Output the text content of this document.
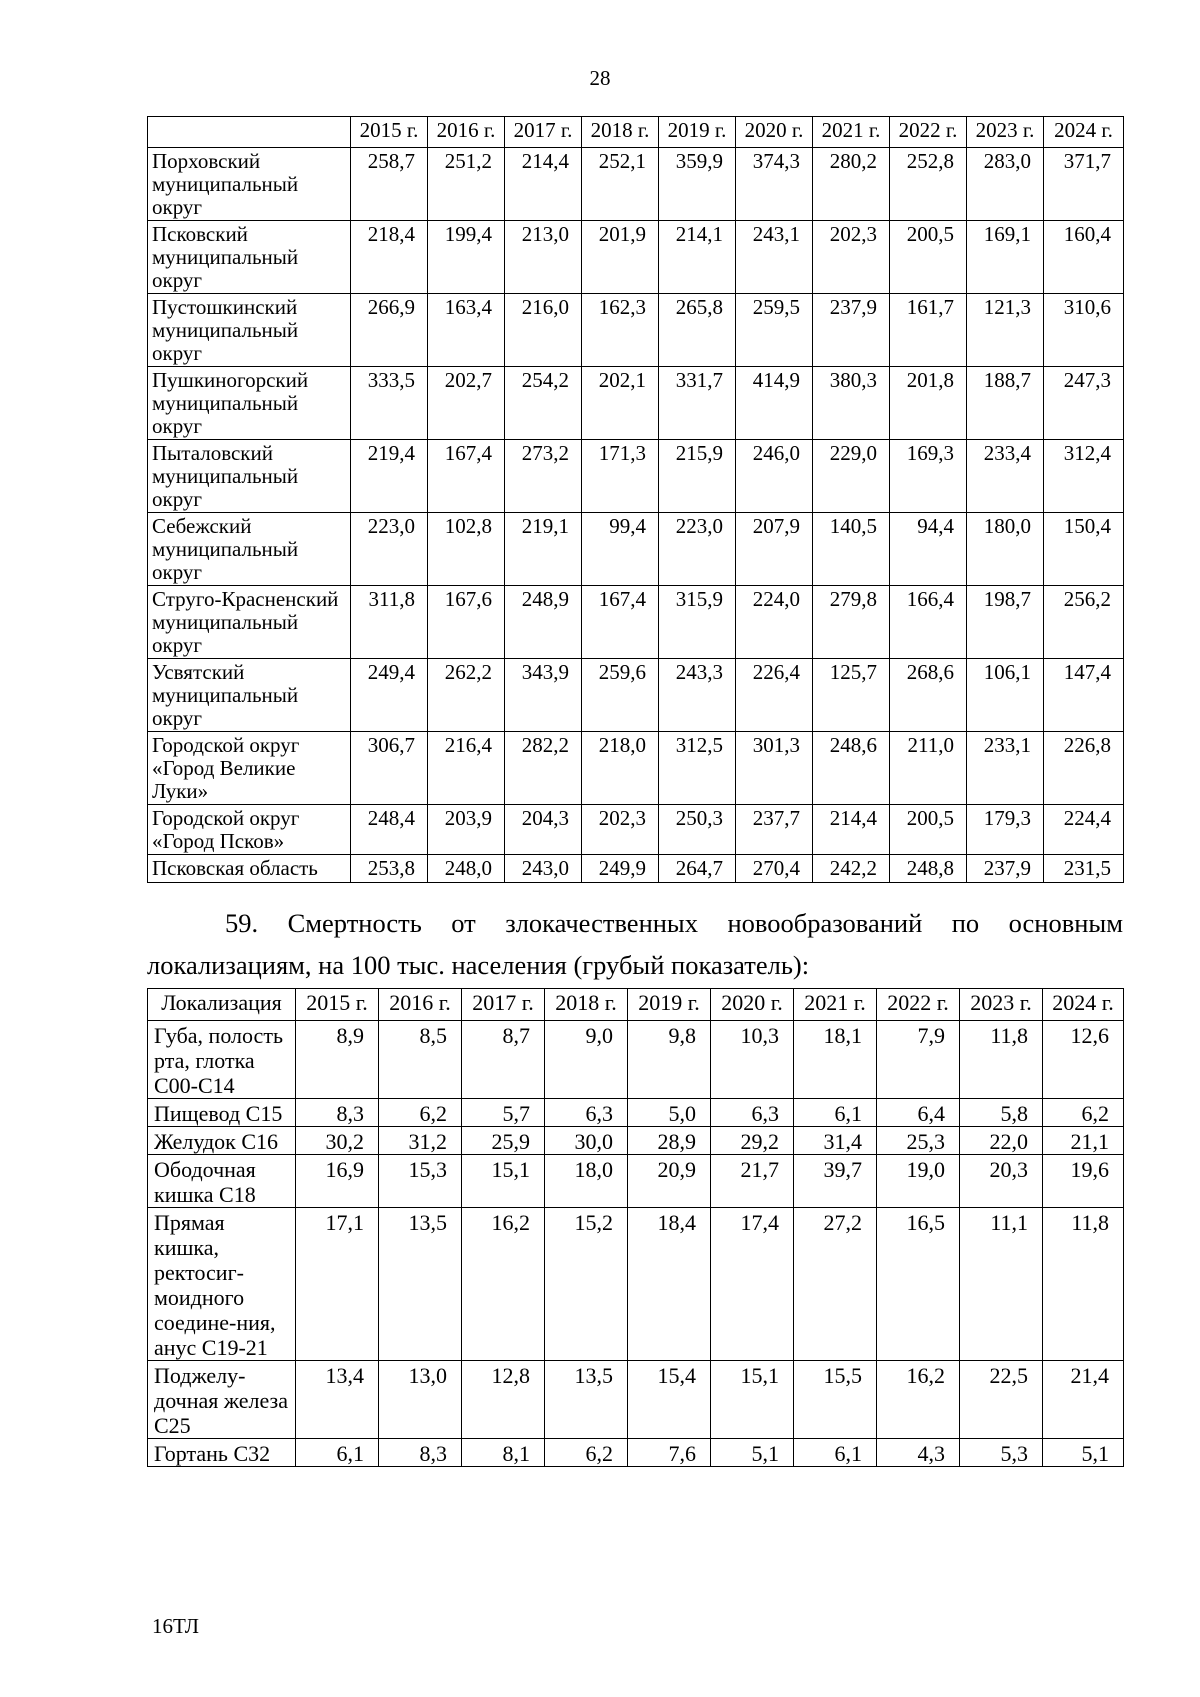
28
	2015 г.	2016 г.	2017 г.	2018 г.	2019 г.	2020 г.	2021 г.	2022 г.	2023 г.	2024 г.
Порховский муниципальный округ	258,7	251,2	214,4	252,1	359,9	374,3	280,2	252,8	283,0	371,7
Псковский муниципальный округ	218,4	199,4	213,0	201,9	214,1	243,1	202,3	200,5	169,1	160,4
Пустошкинский муниципальный округ	266,9	163,4	216,0	162,3	265,8	259,5	237,9	161,7	121,3	310,6
Пушкиногорский муниципальный округ	333,5	202,7	254,2	202,1	331,7	414,9	380,3	201,8	188,7	247,3
Пыталовский муниципальный округ	219,4	167,4	273,2	171,3	215,9	246,0	229,0	169,3	233,4	312,4
Себежский муниципальный округ	223,0	102,8	219,1	99,4	223,0	207,9	140,5	94,4	180,0	150,4
Струго-Красненский муниципальный округ	311,8	167,6	248,9	167,4	315,9	224,0	279,8	166,4	198,7	256,2
Усвятский муниципальный округ	249,4	262,2	343,9	259,6	243,3	226,4	125,7	268,6	106,1	147,4
Городской округ «Город Великие Луки»	306,7	216,4	282,2	218,0	312,5	301,3	248,6	211,0	233,1	226,8
Городской округ «Город Псков»	248,4	203,9	204,3	202,3	250,3	237,7	214,4	200,5	179,3	224,4
Псковская область	253,8	248,0	243,0	249,9	264,7	270,4	242,2	248,8	237,9	231,5
59. Смертность от злокачественных новообразований по основным
локализациям, на 100 тыс. населения (грубый показатель):
Локализация	2015 г.	2016 г.	2017 г.	2018 г.	2019 г.	2020 г.	2021 г.	2022 г.	2023 г.	2024 г.
Губа, полость рта, глотка С00-С14	8,9	8,5	8,7	9,0	9,8	10,3	18,1	7,9	11,8	12,6
Пищевод С15	8,3	6,2	5,7	6,3	5,0	6,3	6,1	6,4	5,8	6,2
Желудок С16	30,2	31,2	25,9	30,0	28,9	29,2	31,4	25,3	22,0	21,1
Ободочная кишка С18	16,9	15,3	15,1	18,0	20,9	21,7	39,7	19,0	20,3	19,6
Прямая кишка, ректосиг-моидного соедине-ния, анус С19-21	17,1	13,5	16,2	15,2	18,4	17,4	27,2	16,5	11,1	11,8
Поджелу-дочная железа С25	13,4	13,0	12,8	13,5	15,4	15,1	15,5	16,2	22,5	21,4
Гортань С32	6,1	8,3	8,1	6,2	7,6	5,1	6,1	4,3	5,3	5,1
16ТЛ
